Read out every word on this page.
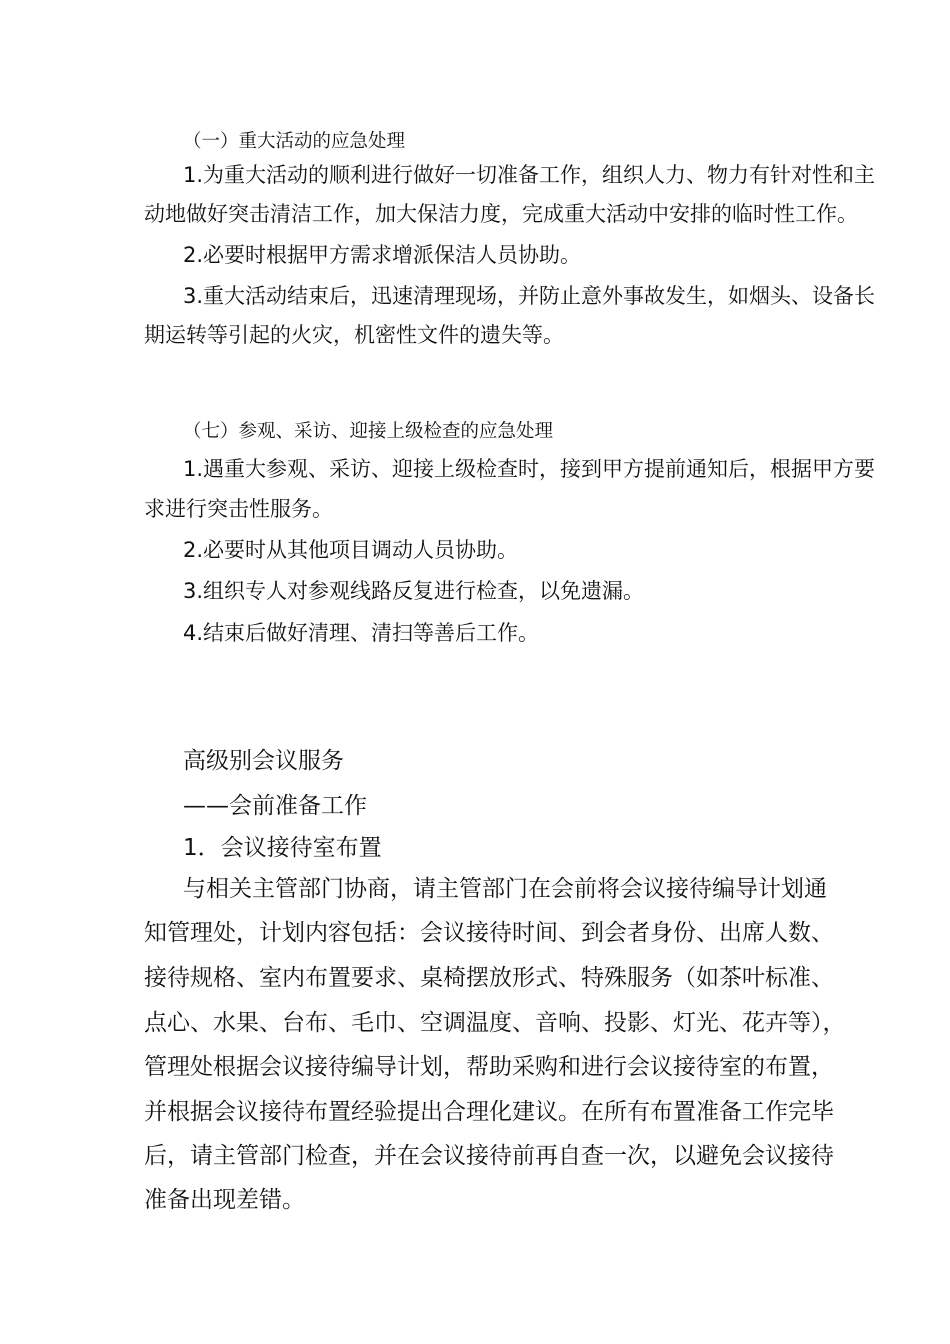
（一）重大活动的应急处理
1.为重大活动的顺利进行做好一切准备工作，组织人力、物力有针对性和主
动地做好突击清洁工作，加大保洁力度，完成重大活动中安排的临时性工作。
2.必要时根据甲方需求增派保洁人员协助。
3.重大活动结束后，迅速清理现场，并防止意外事故发生，如烟头、设备长
期运转等引起的火灾，机密性文件的遗失等。
（七）参观、采访、迎接上级检查的应急处理
1.遇重大参观、采访、迎接上级检查时，接到甲方提前通知后，根据甲方要
求进行突击性服务。
2.必要时从其他项目调动人员协助。
3.组织专人对参观线路反复进行检查，以免遗漏。
4.结束后做好清理、清扫等善后工作。
高级别会议服务
——会前准备工作
1．会议接待室布置
与相关主管部门协商，请主管部门在会前将会议接待编导计划通
知管理处，计划内容包括：会议接待时间、到会者身份、出席人数、
接待规格、室内布置要求、桌椅摆放形式、特殊服务（如茶叶标准、
点心、水果、台布、毛巾、空调温度、音响、投影、灯光、花卉等），
管理处根据会议接待编导计划，帮助采购和进行会议接待室的布置，
并根据会议接待布置经验提出合理化建议。在所有布置准备工作完毕
后，请主管部门检查，并在会议接待前再自查一次，以避免会议接待
准备出现差错。
